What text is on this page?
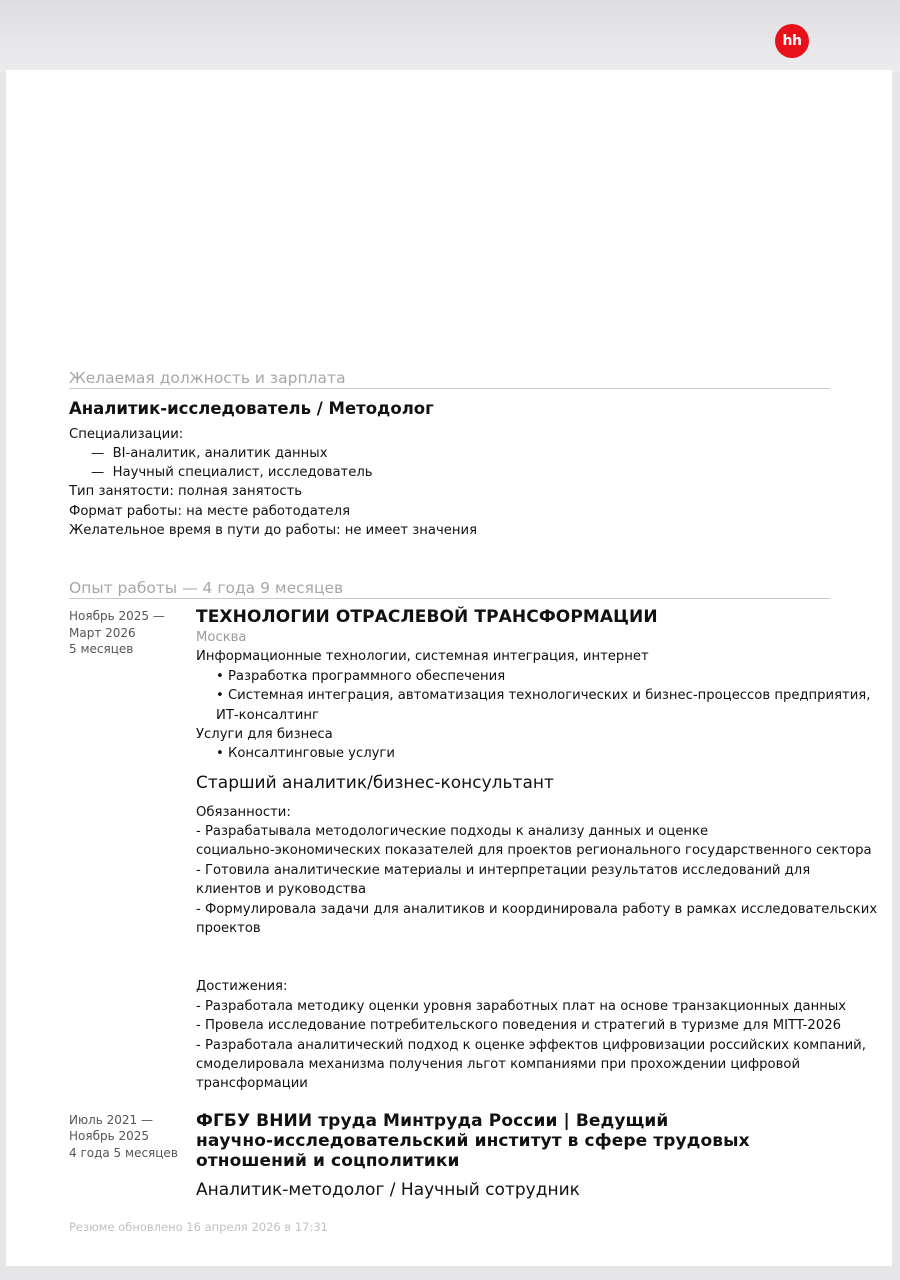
hh
Желаемая должность и зарплата
Аналитик-исследователь / Методолог
Специализации:
—  BI-аналитик, аналитик данных
—  Научный специалист, исследователь
Тип занятости: полная занятость
Формат работы: на месте работодателя
Желательное время в пути до работы: не имеет значения
Опыт работы — 4 года 9 месяцев
Ноябрь 2025 —
Март 2026
5 месяцев
ТЕХНОЛОГИИ ОТРАСЛЕВОЙ ТРАНСФОРМАЦИИ
Москва
Информационные технологии, системная интеграция, интернет
• Разработка программного обеспечения
• Системная интеграция, автоматизация технологических и бизнес-процессов предприятия,
ИТ-консалтинг
Услуги для бизнеса
• Консалтинговые услуги
Старший аналитик/бизнес-консультант
Обязанности:
- Разрабатывала методологические подходы к анализу данных и оценке
социально-экономических показателей для проектов регионального государственного сектора
- Готовила аналитические материалы и интерпретации результатов исследований для
клиентов и руководства
- Формулировала задачи для аналитиков и координировала работу в рамках исследовательских
проектов
Достижения:
- Разработала методику оценки уровня заработных плат на основе транзакционных данных
- Провела исследование потребительского поведения и стратегий в туризме для MITT-2026
- Разработала аналитический подход к оценке эффектов цифровизации российских компаний,
смоделировала механизма получения льгот компаниями при прохождении цифровой
трансформации
Июль 2021 —
Ноябрь 2025
4 года 5 месяцев
ФГБУ ВНИИ труда Минтруда России | Ведущий
научно-исследовательский институт в сфере трудовых
отношений и соцполитики
Аналитик-методолог / Научный сотрудник
Резюме обновлено 16 апреля 2026 в 17:31
